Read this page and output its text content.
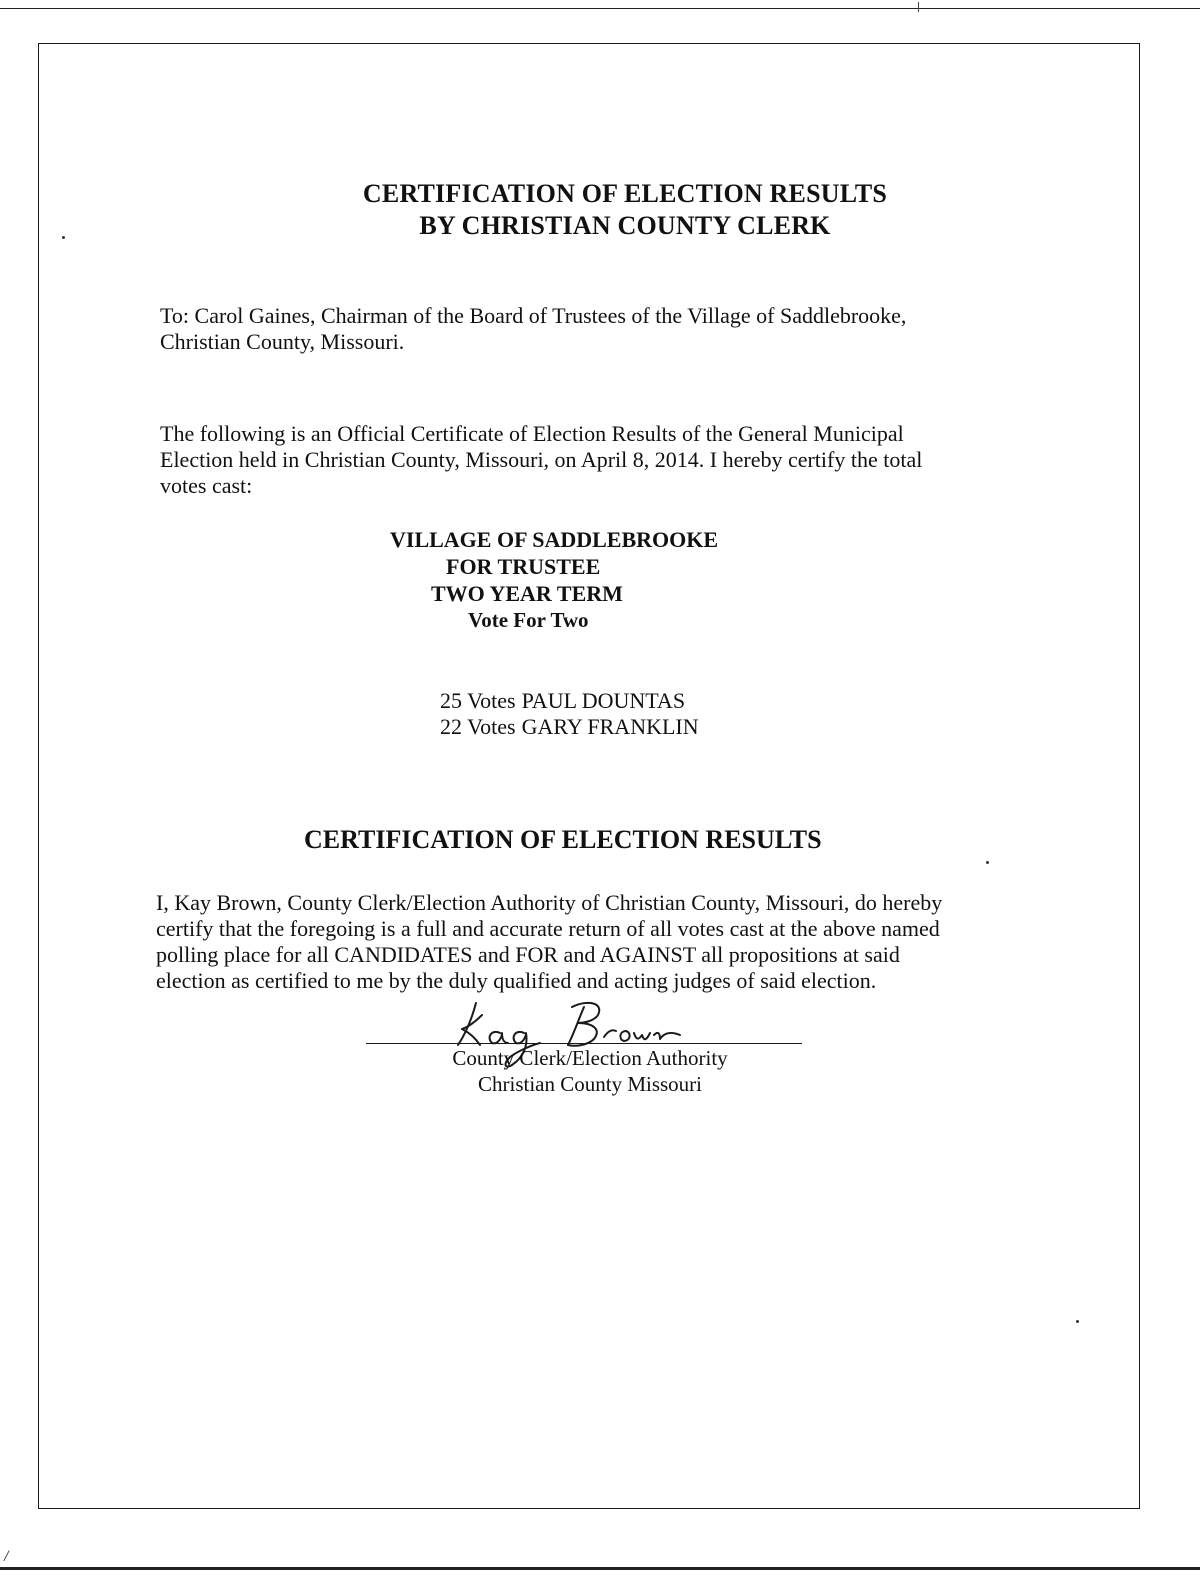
/
CERTIFICATION OF ELECTION RESULTS
BY CHRISTIAN COUNTY CLERK

To: Carol Gaines, Chairman of the Board of Trustees of the Village of Saddlebrooke,

Christian County, Missouri.

The following is an Official Certificate of Election Results of the General Municipal

Election held in Christian County, Missouri, on April 8, 2014. I hereby certify the total

votes cast:

VILLAGE OF SADDLEBROOKE
FOR TRUSTEE
TWO YEAR TERM
Vote For Two
25 Votes PAUL DOUNTAS
22 Votes GARY FRANKLIN
CERTIFICATION OF ELECTION RESULTS

I, Kay Brown, County Clerk/Election Authority of Christian County, Missouri, do hereby

certify that the foregoing is a full and accurate return of all votes cast at the above named

polling place for all CANDIDATES and FOR and AGAINST all propositions at said

election as certified to me by the duly qualified and acting judges of said election.

County Clerk/Election Authority
Christian County Missouri
